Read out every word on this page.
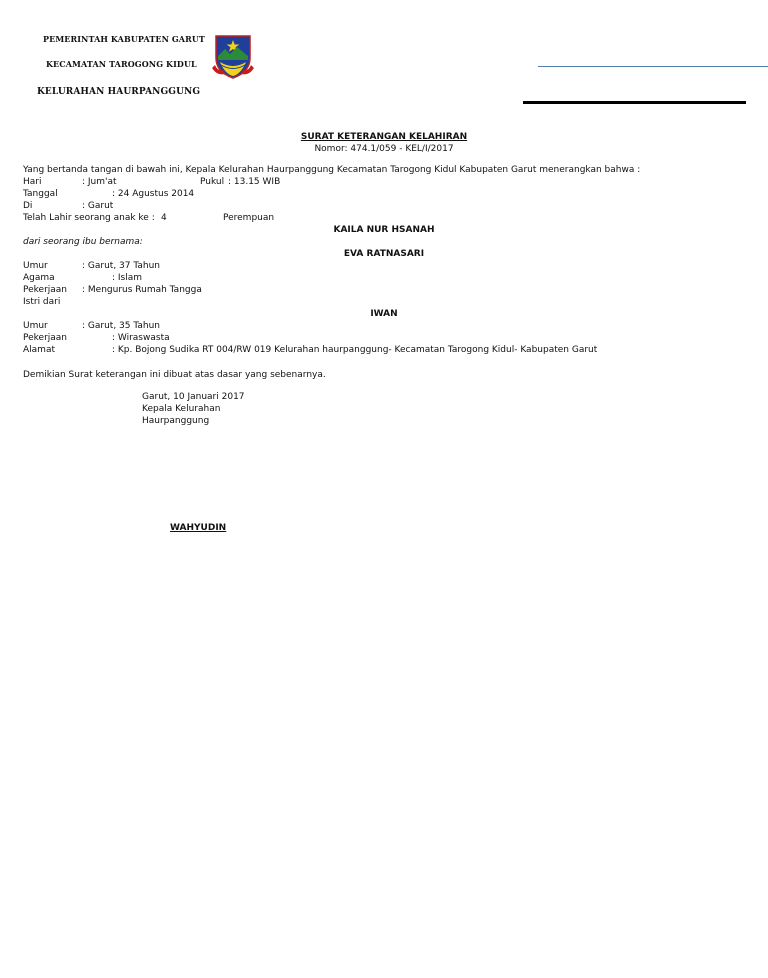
PEMERINTAH KABUPATEN GARUT
KECAMATAN TAROGONG KIDUL
KELURAHAN HAURPANGGUNG
SURAT KETERANGAN KELAHIRAN
Nomor: 474.1/059 - KEL/I/2017
Yang bertanda tangan di bawah ini, Kepala Kelurahan Haurpanggung Kecamatan Tarogong Kidul Kabupaten Garut menerangkan bahwa :
Hari	: Jum'at	Pukul : 13.15 WIB
Tanggal	: 24 Agustus 2014
Di	: Garut
Telah Lahir seorang anak ke : 4	Perempuan
KAILA NUR HSANAH
dari seorang ibu bernama:
EVA RATNASARI
Umur	: Garut, 37 Tahun
Agama	: Islam
Pekerjaan : Mengurus Rumah Tangga
Istri dari
IWAN
Umur	: Garut, 35 Tahun
Pekerjaan	: Wiraswasta
Alamat	: Kp. Bojong Sudika RT 004/RW 019 Kelurahan haurpanggung- Kecamatan Tarogong Kidul- Kabupaten Garut
Demikian Surat keterangan ini dibuat atas dasar yang sebenarnya.
Garut, 10 Januari 2017
Kepala Kelurahan
Haurpanggung
WAHYUDIN
